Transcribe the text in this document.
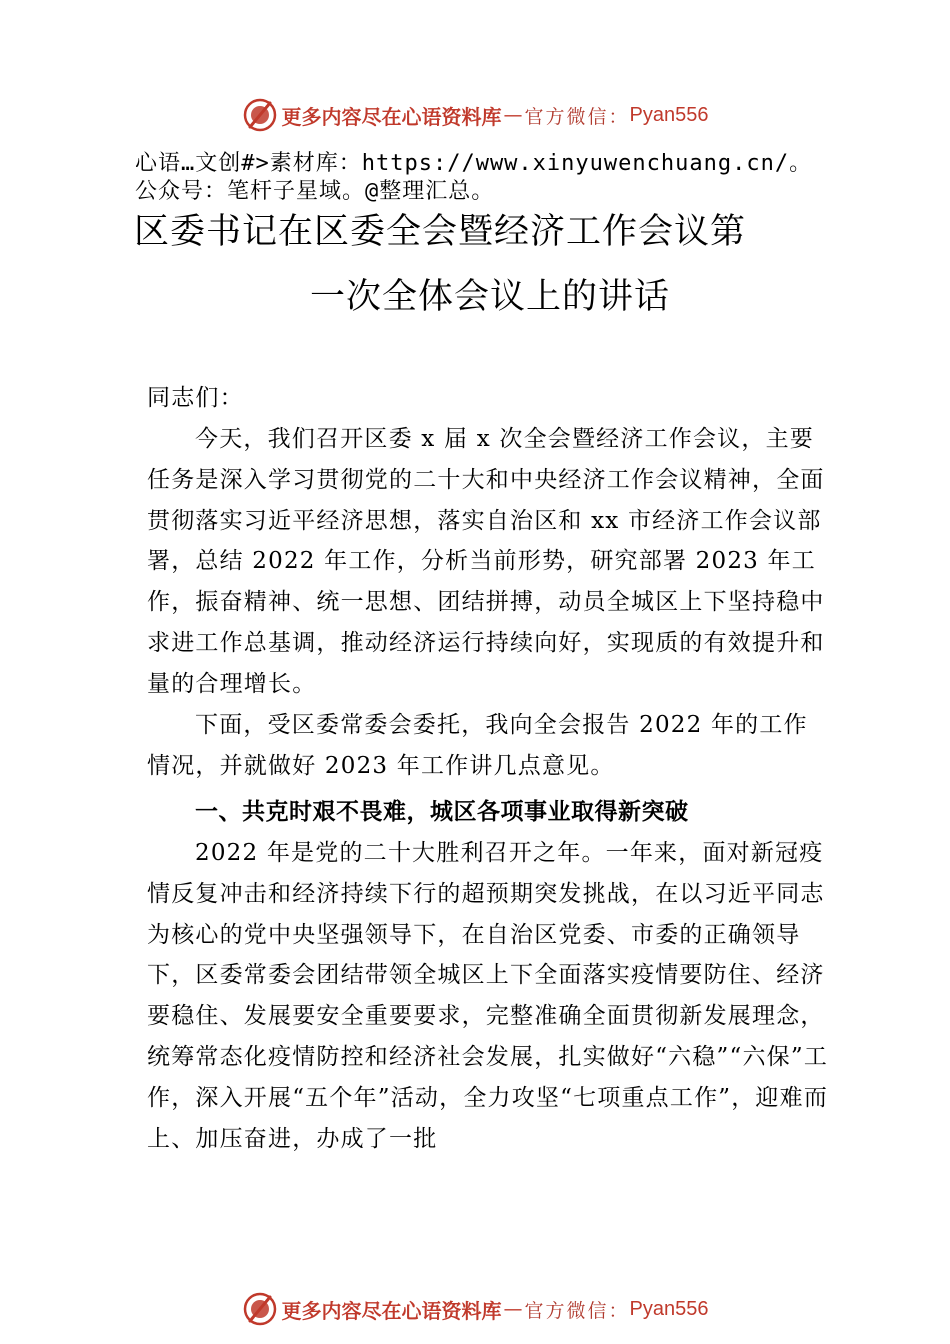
更多内容尽在心语资料库 — 官方微信： Pyan556
心语…文创#>素材库：https://www.xinyuwenchuang.cn/。公众号：笔杆子星域。@整理汇总。
区委书记在区委全会暨经济工作会议第
一次全体会议上的讲话
同志们：
今天，我们召开区委 x 届 x 次全会暨经济工作会议，主要任务是深入学习贯彻党的二十大和中央经济工作会议精神，全面贯彻落实习近平经济思想，落实自治区和 xx 市经济工作会议部署，总结 2022 年工作，分析当前形势，研究部署 2023 年工作，振奋精神、统一思想、团结拼搏，动员全城区上下坚持稳中求进工作总基调，推动经济运行持续向好，实现质的有效提升和量的合理增长。
下面，受区委常委会委托，我向全会报告 2022 年的工作情况，并就做好 2023 年工作讲几点意见。
一、共克时艰不畏难，城区各项事业取得新突破
2022 年是党的二十大胜利召开之年。一年来，面对新冠疫情反复冲击和经济持续下行的超预期突发挑战，在以习近平同志为核心的党中央坚强领导下，在自治区党委、市委的正确领导下，区委常委会团结带领全城区上下全面落实疫情要防住、经济要稳住、发展要安全重要要求，完整准确全面贯彻新发展理念，统筹常态化疫情防控和经济社会发展，扎实做好“六稳”“六保”工作，深入开展“五个年”活动，全力攻坚“七项重点工作”，迎难而上、加压奋进，办成了一批
更多内容尽在心语资料库 — 官方微信： Pyan556
